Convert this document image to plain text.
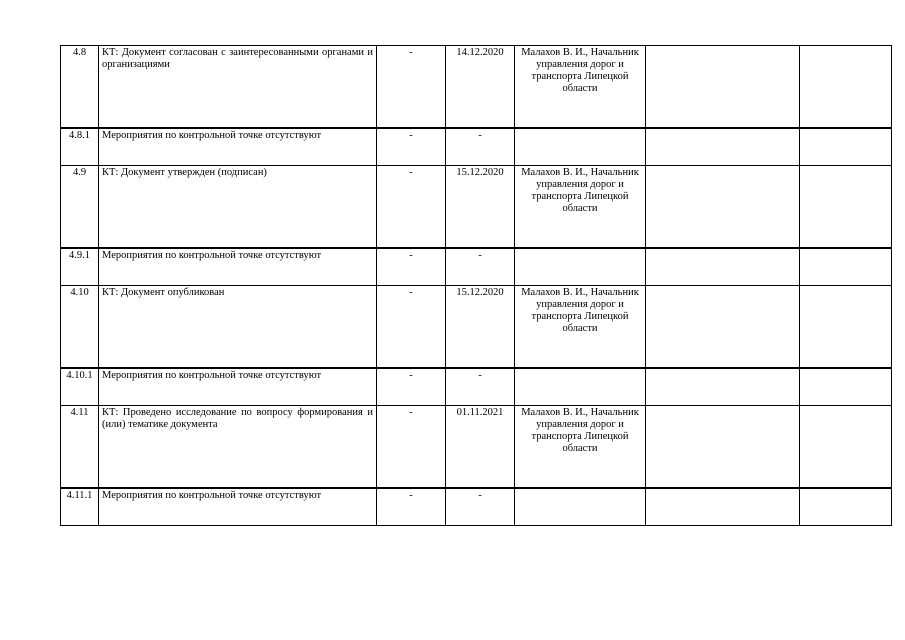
4.8	КТ: Документ согласован с заинтересованными органами и организациями	-	14.12.2020	Малахов В. И., Начальник управления дорог и транспорта Липецкой области		
4.8.1	Мероприятия по контрольной точке отсутствуют	-	-			
4.9	КТ: Документ утвержден (подписан)	-	15.12.2020	Малахов В. И., Начальник управления дорог и транспорта Липецкой области		
4.9.1	Мероприятия по контрольной точке отсутствуют	-	-			
4.10	КТ: Документ опубликован	-	15.12.2020	Малахов В. И., Начальник управления дорог и транспорта Липецкой области		
4.10.1	Мероприятия по контрольной точке отсутствуют	-	-			
4.11	КТ: Проведено исследование по вопросу формирования и (или) тематике документа	-	01.11.2021	Малахов В. И., Начальник управления дорог и транспорта Липецкой области		
4.11.1	Мероприятия по контрольной точке отсутствуют	-	-			
